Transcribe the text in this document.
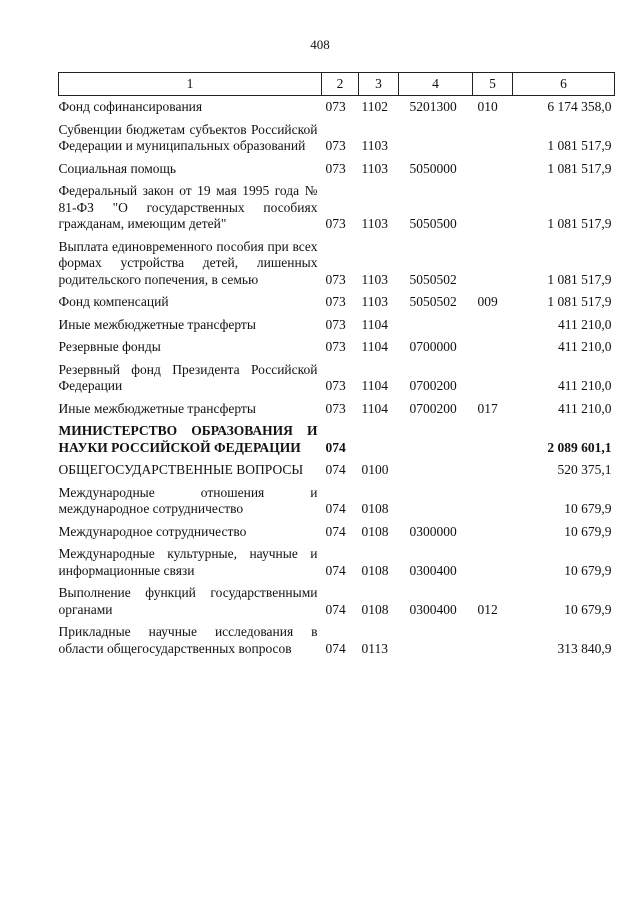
408
1	2	3	4	5	6
Фонд софинансирования	073	1102	5201300	010	6 174 358,0
Субвенции бюджетам субъектов Российской Федерации и муниципальных образований	073	1103			1 081 517,9
Социальная помощь	073	1103	5050000		1 081 517,9
Федеральный закон от 19 мая 1995 года № 81-ФЗ "О государственных пособиях гражданам, имеющим детей"	073	1103	5050500		1 081 517,9
Выплата единовременного пособия при всех формах устройства детей, лишенных родительского попечения, в семью	073	1103	5050502		1 081 517,9
Фонд компенсаций	073	1103	5050502	009	1 081 517,9
Иные межбюджетные трансферты	073	1104			411 210,0
Резервные фонды	073	1104	0700000		411 210,0
Резервный фонд Президента Российской Федерации	073	1104	0700200		411 210,0
Иные межбюджетные трансферты	073	1104	0700200	017	411 210,0
МИНИСТЕРСТВО ОБРАЗОВАНИЯ И НАУКИ РОССИЙСКОЙ ФЕДЕРАЦИИ	074				2 089 601,1
ОБЩЕГОСУДАРСТВЕННЫЕ ВОПРОСЫ	074	0100			520 375,1
Международные отношения и международное сотрудничество	074	0108			10 679,9
Международное сотрудничество	074	0108	0300000		10 679,9
Международные культурные, научные и информационные связи	074	0108	0300400		10 679,9
Выполнение функций государственными органами	074	0108	0300400	012	10 679,9
Прикладные научные исследования в области общегосударственных вопросов	074	0113			313 840,9
